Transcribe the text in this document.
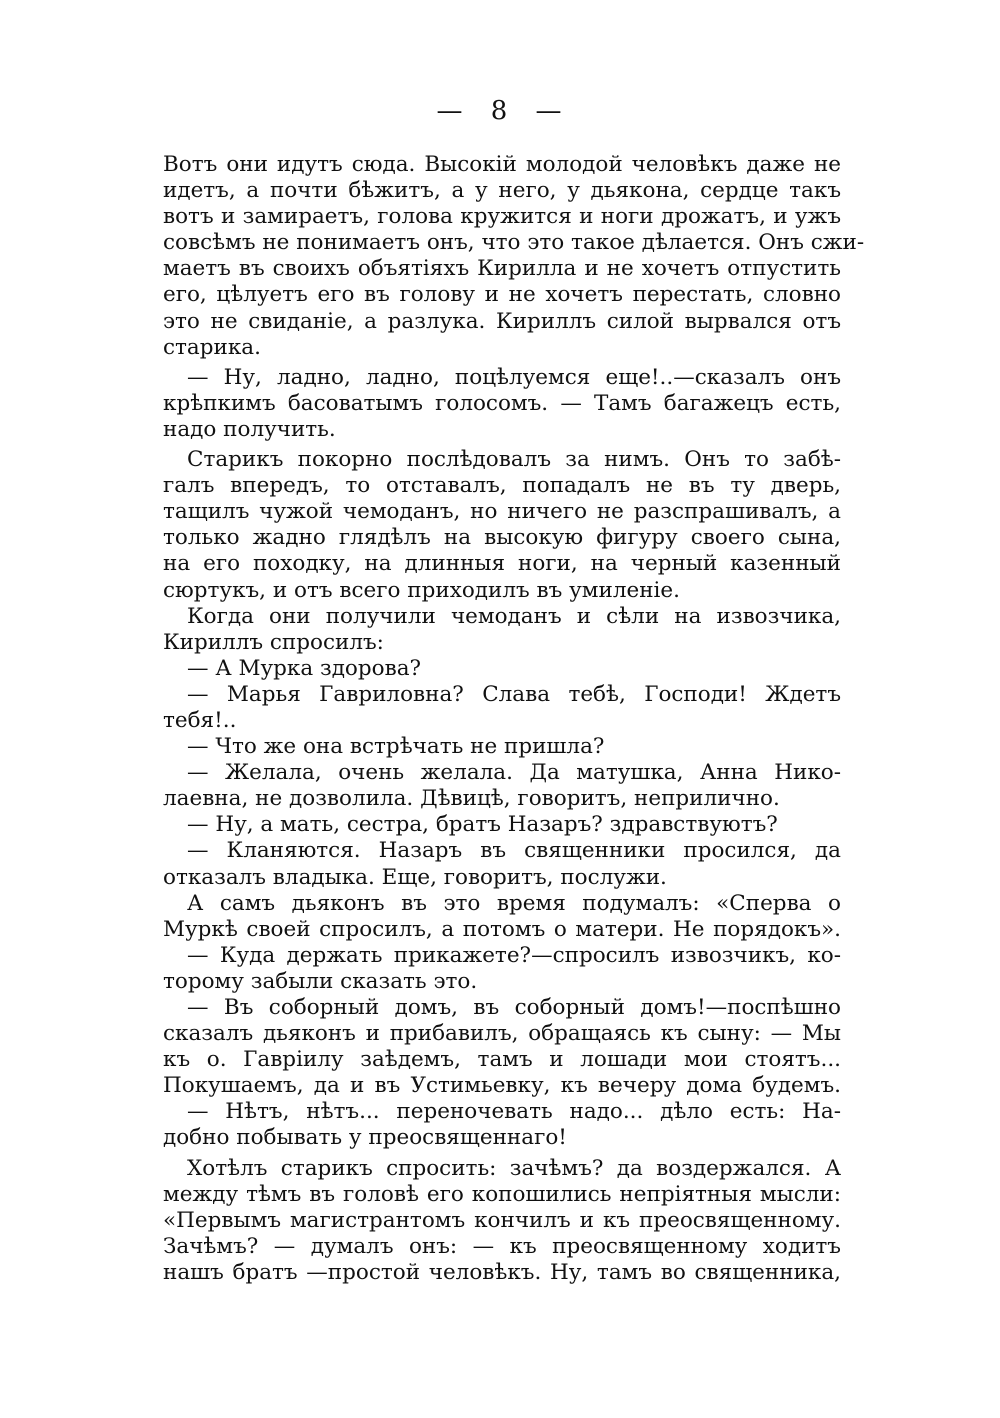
— 8 —
Вотъ они идутъ сюда. Высокій молодой человѣкъ даже не
идетъ, а почти бѣжитъ, а у него, у дьякона, сердце такъ
вотъ и замираетъ, голова кружится и ноги дрожатъ, и ужъ
совсѣмъ не понимаетъ онъ, что это такое дѣлается. Онъ сжи-
маетъ въ своихъ объятіяхъ Кирилла и не хочетъ отпустить
его, цѣлуетъ его въ голову и не хочетъ перестать, словно
это не свиданіе, а разлука. Кириллъ силой вырвался отъ
старика.
— Ну, ладно, ладно, поцѣлуемся еще!..—сказалъ онъ
крѣпкимъ басоватымъ голосомъ. — Тамъ багажецъ есть,
надо получить.
Старикъ покорно послѣдовалъ за нимъ. Онъ то забѣ-
галъ впередъ, то отставалъ, попадалъ не въ ту дверь,
тащилъ чужой чемоданъ, но ничего не разспрашивалъ, а
только жадно глядѣлъ на высокую фигуру своего сына,
на его походку, на длинныя ноги, на черный казенный
сюртукъ, и отъ всего приходилъ въ умиленіе.
Когда они получили чемоданъ и сѣли на извозчика,
Кириллъ спросилъ:
— А Мурка здорова?
— Марья Гавриловна? Слава тебѣ, Господи! Ждетъ
тебя!..
— Что же она встрѣчать не пришла?
— Желала, очень желала. Да матушка, Анна Нико-
лаевна, не дозволила. Дѣвицѣ, говоритъ, неприлично.
— Ну, а мать, сестра, братъ Назаръ? здравствуютъ?
— Кланяются. Назаръ въ священники просился, да
отказалъ владыка. Еще, говоритъ, послужи.
А самъ дьяконъ въ это время подумалъ: «Сперва о
Муркѣ своей спросилъ, а потомъ о матери. Не порядокъ».
— Куда держать прикажете?—спросилъ извозчикъ, ко-
торому забыли сказать это.
— Въ соборный домъ, въ соборный домъ!—поспѣшно
сказалъ дьяконъ и прибавилъ, обращаясь къ сыну: — Мы
къ о. Гавріилу заѣдемъ, тамъ и лошади мои стоятъ...
Покушаемъ, да и въ Устимьевку, къ вечеру дома будемъ.
— Нѣтъ, нѣтъ... переночевать надо... дѣло есть: На-
добно побывать у преосвященнаго!
Хотѣлъ старикъ спросить: зачѣмъ? да воздержался. А
между тѣмъ въ головѣ его копошились непріятныя мысли:
«Первымъ магистрантомъ кончилъ и къ преосвященному.
Зачѣмъ? — думалъ онъ: — къ преосвященному ходитъ
нашъ братъ —простой человѣкъ. Ну, тамъ во священника,
